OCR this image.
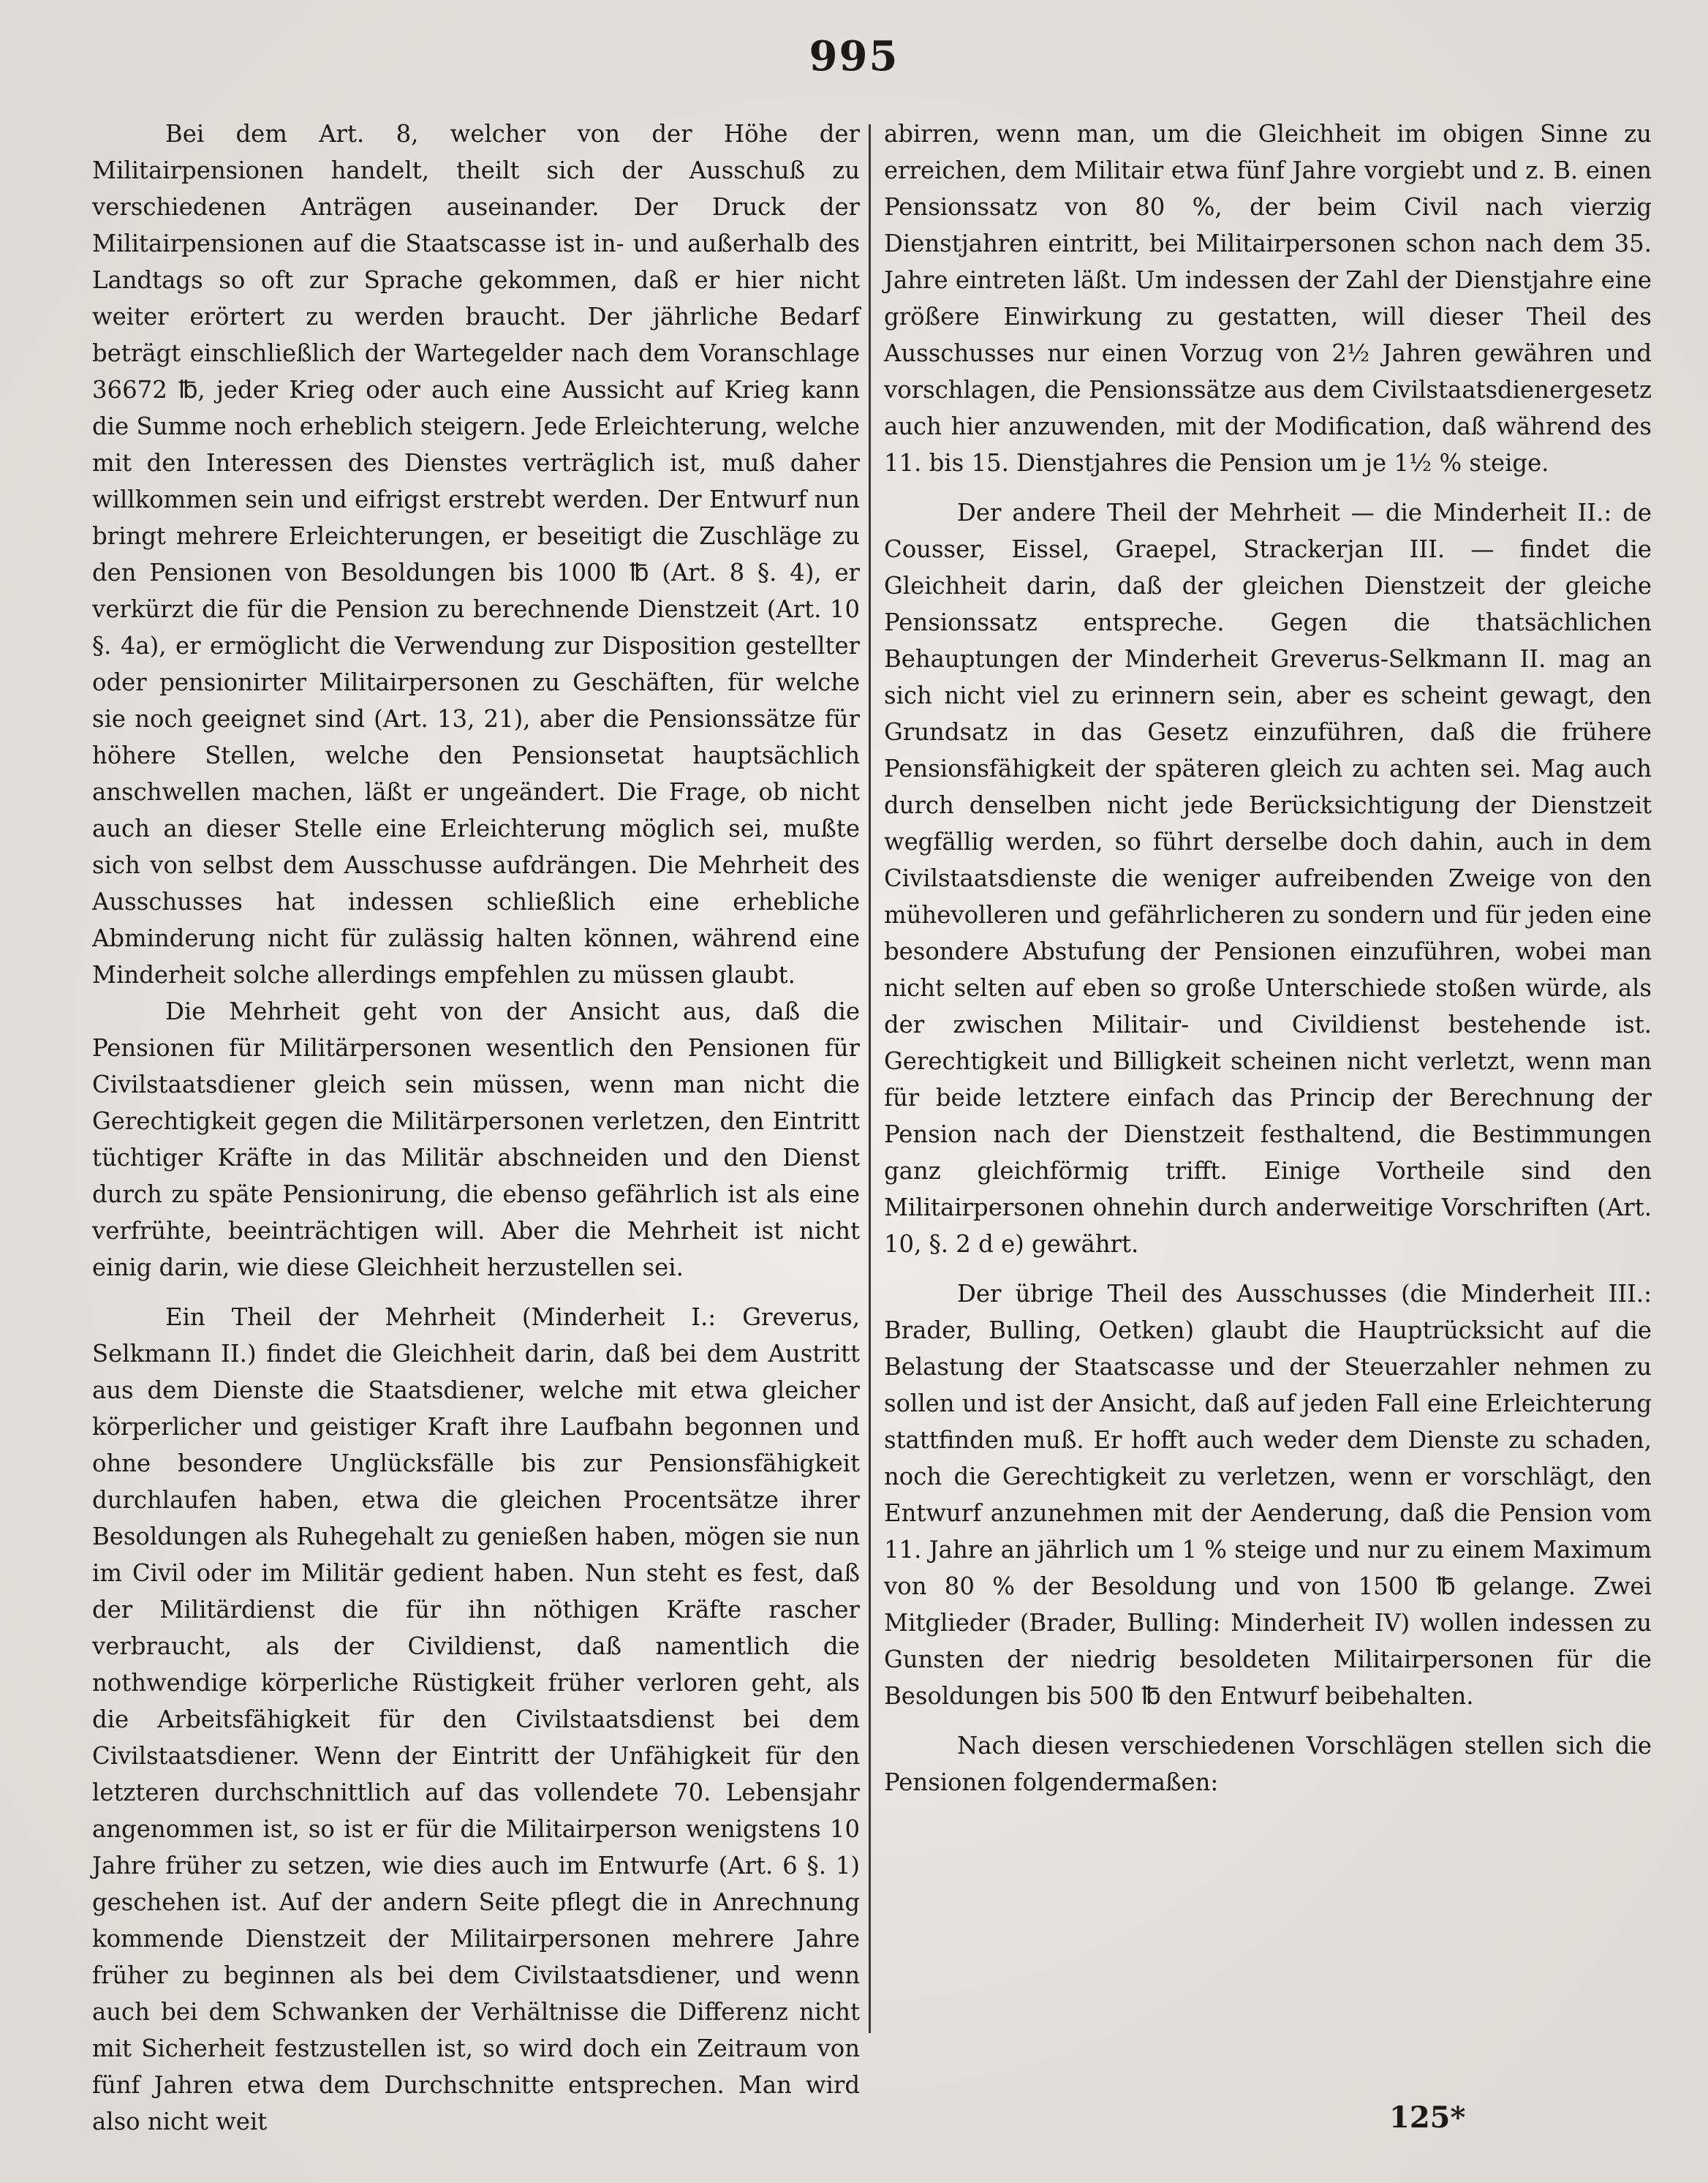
995

Bei dem Art. 8, welcher von der Höhe der Militairpensionen handelt, theilt sich der Ausschuß zu verschiedenen Anträgen auseinander. Der Druck der Militairpensionen auf die Staatscasse ist in- und außerhalb des Landtags so oft zur Sprache gekommen, daß er hier nicht weiter erörtert zu werden braucht. Der jährliche Bedarf beträgt einschließlich der Wartegelder nach dem Voranschlage 36672 ℔, jeder Krieg oder auch eine Aussicht auf Krieg kann die Summe noch erheblich steigern. Jede Erleichterung, welche mit den Interessen des Dienstes verträglich ist, muß daher willkommen sein und eifrigst erstrebt werden. Der Entwurf nun bringt mehrere Erleichterungen, er beseitigt die Zuschläge zu den Pensionen von Besoldungen bis 1000 ℔ (Art. 8 §. 4), er verkürzt die für die Pension zu berechnende Dienstzeit (Art. 10 §. 4a), er ermöglicht die Verwendung zur Disposition gestellter oder pensionirter Militairpersonen zu Geschäften, für welche sie noch geeignet sind (Art. 13, 21), aber die Pensionssätze für höhere Stellen, welche den Pensionsetat hauptsächlich anschwellen machen, läßt er ungeändert. Die Frage, ob nicht auch an dieser Stelle eine Erleichterung möglich sei, mußte sich von selbst dem Ausschusse aufdrängen. Die Mehrheit des Ausschusses hat indessen schließlich eine erhebliche Abminderung nicht für zulässig halten können, während eine Minderheit solche allerdings empfehlen zu müssen glaubt.

Die Mehrheit geht von der Ansicht aus, daß die Pensionen für Militärpersonen wesentlich den Pensionen für Civilstaatsdiener gleich sein müssen, wenn man nicht die Gerechtigkeit gegen die Militärpersonen verletzen, den Eintritt tüchtiger Kräfte in das Militär abschneiden und den Dienst durch zu späte Pensionirung, die ebenso gefährlich ist als eine verfrühte, beeinträchtigen will. Aber die Mehrheit ist nicht einig darin, wie diese Gleichheit herzustellen sei.

Ein Theil der Mehrheit (Minderheit I.: Greverus, Selkmann II.) findet die Gleichheit darin, daß bei dem Austritt aus dem Dienste die Staatsdiener, welche mit etwa gleicher körperlicher und geistiger Kraft ihre Laufbahn begonnen und ohne besondere Unglücksfälle bis zur Pensionsfähigkeit durchlaufen haben, etwa die gleichen Procentsätze ihrer Besoldungen als Ruhegehalt zu genießen haben, mögen sie nun im Civil oder im Militär gedient haben. Nun steht es fest, daß der Militärdienst die für ihn nöthigen Kräfte rascher verbraucht, als der Civildienst, daß namentlich die nothwendige körperliche Rüstigkeit früher verloren geht, als die Arbeitsfähigkeit für den Civilstaatsdienst bei dem Civilstaatsdiener. Wenn der Eintritt der Unfähigkeit für den letzteren durchschnittlich auf das vollendete 70. Lebensjahr angenommen ist, so ist er für die Militairperson wenigstens 10 Jahre früher zu setzen, wie dies auch im Entwurfe (Art. 6 §. 1) geschehen ist. Auf der andern Seite pflegt die in Anrechnung kommende Dienstzeit der Militairpersonen mehrere Jahre früher zu beginnen als bei dem Civilstaatsdiener, und wenn auch bei dem Schwanken der Verhältnisse die Differenz nicht mit Sicherheit festzustellen ist, so wird doch ein Zeitraum von fünf Jahren etwa dem Durchschnitte entsprechen. Man wird also nicht weit

abirren, wenn man, um die Gleichheit im obigen Sinne zu erreichen, dem Militair etwa fünf Jahre vorgiebt und z. B. einen Pensionssatz von 80 %, der beim Civil nach vierzig Dienstjahren eintritt, bei Militairpersonen schon nach dem 35. Jahre eintreten läßt. Um indessen der Zahl der Dienstjahre eine größere Einwirkung zu gestatten, will dieser Theil des Ausschusses nur einen Vorzug von 2½ Jahren gewähren und vorschlagen, die Pensionssätze aus dem Civilstaatsdienergesetz auch hier anzuwenden, mit der Modification, daß während des 11. bis 15. Dienstjahres die Pension um je 1½ % steige.

Der andere Theil der Mehrheit — die Minderheit II.: de Cousser, Eissel, Graepel, Strackerjan III. — findet die Gleichheit darin, daß der gleichen Dienstzeit der gleiche Pensionssatz entspreche. Gegen die thatsächlichen Behauptungen der Minderheit Greverus-Selkmann II. mag an sich nicht viel zu erinnern sein, aber es scheint gewagt, den Grundsatz in das Gesetz einzuführen, daß die frühere Pensionsfähigkeit der späteren gleich zu achten sei. Mag auch durch denselben nicht jede Berücksichtigung der Dienstzeit wegfällig werden, so führt derselbe doch dahin, auch in dem Civilstaatsdienste die weniger aufreibenden Zweige von den mühevolleren und gefährlicheren zu sondern und für jeden eine besondere Abstufung der Pensionen einzuführen, wobei man nicht selten auf eben so große Unterschiede stoßen würde, als der zwischen Militair- und Civildienst bestehende ist. Gerechtigkeit und Billigkeit scheinen nicht verletzt, wenn man für beide letztere einfach das Princip der Berechnung der Pension nach der Dienstzeit festhaltend, die Bestimmungen ganz gleichförmig trifft. Einige Vortheile sind den Militairpersonen ohnehin durch anderweitige Vorschriften (Art. 10, §. 2 d e) gewährt.

Der übrige Theil des Ausschusses (die Minderheit III.: Brader, Bulling, Oetken) glaubt die Hauptrücksicht auf die Belastung der Staatscasse und der Steuerzahler nehmen zu sollen und ist der Ansicht, daß auf jeden Fall eine Erleichterung stattfinden muß. Er hofft auch weder dem Dienste zu schaden, noch die Gerechtigkeit zu verletzen, wenn er vorschlägt, den Entwurf anzunehmen mit der Aenderung, daß die Pension vom 11. Jahre an jährlich um 1 % steige und nur zu einem Maximum von 80 % der Besoldung und von 1500 ℔ gelange. Zwei Mitglieder (Brader, Bulling: Minderheit IV) wollen indessen zu Gunsten der niedrig besoldeten Militairpersonen für die Besoldungen bis 500 ℔ den Entwurf beibehalten.

Nach diesen verschiedenen Vorschlägen stellen sich die Pensionen folgendermaßen:

125*
